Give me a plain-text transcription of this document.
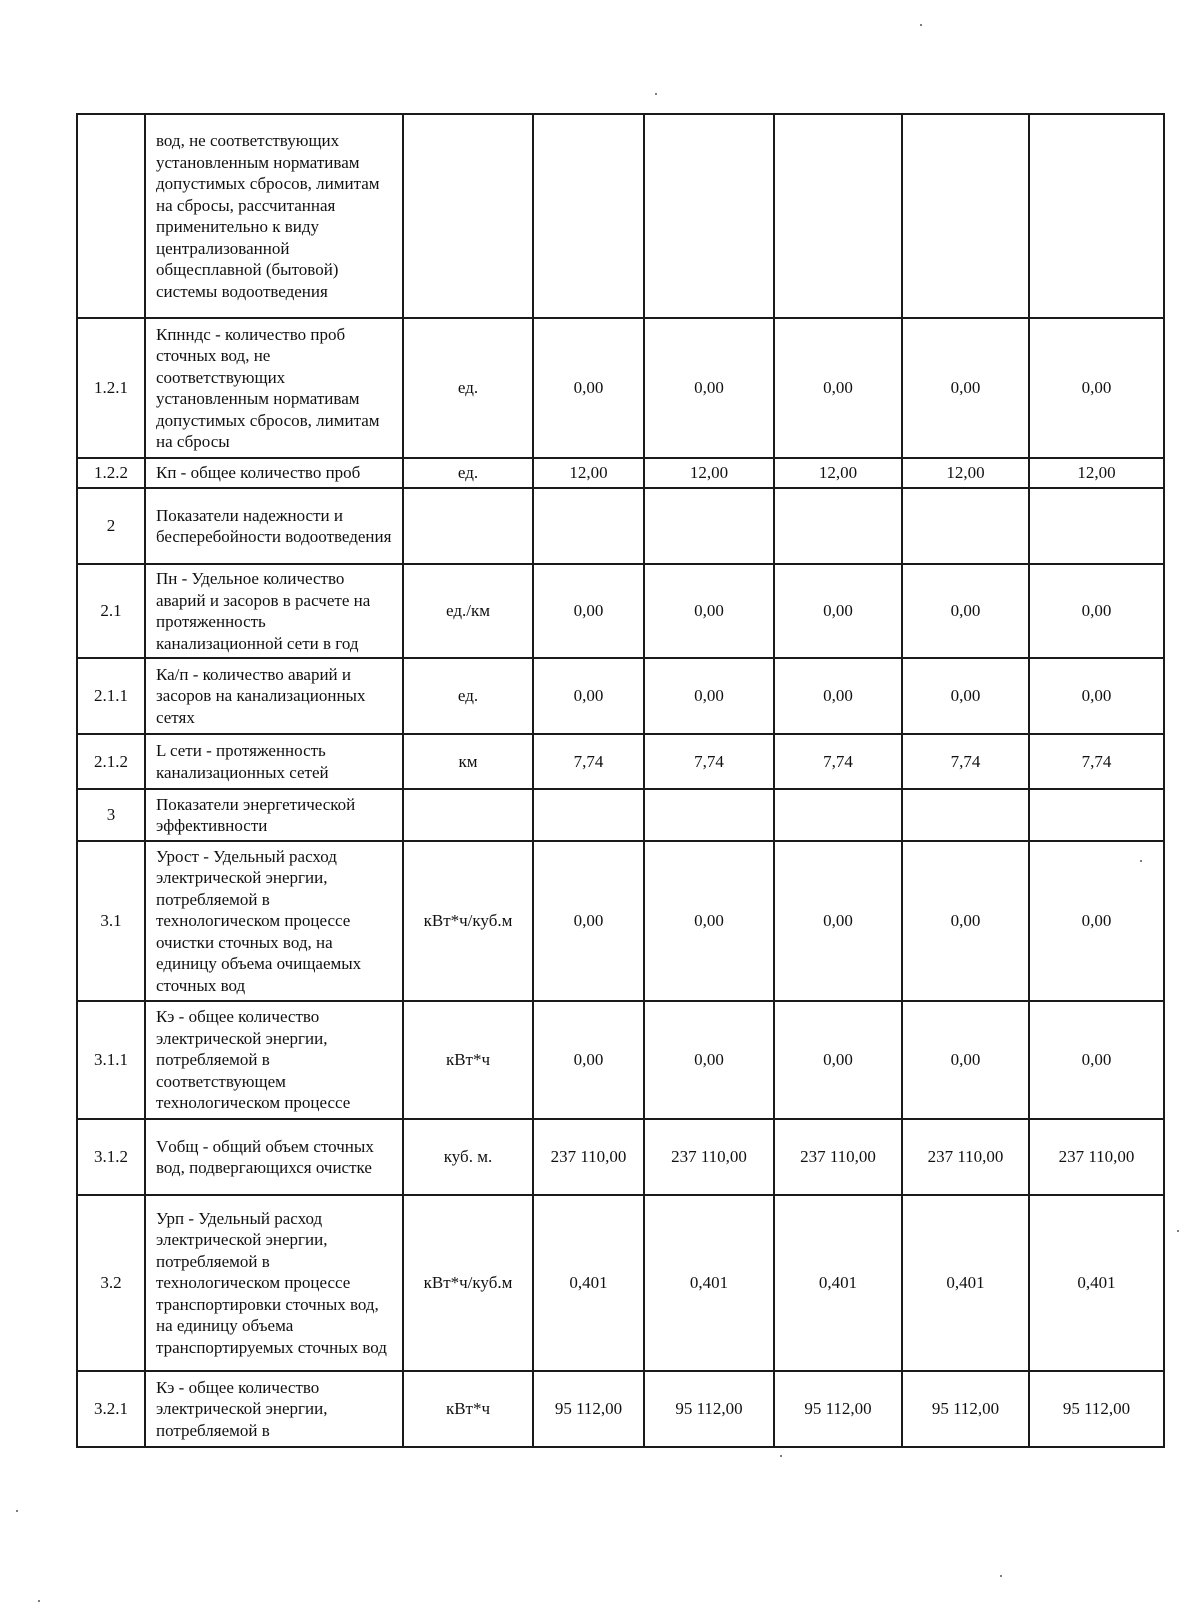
	вод, не соответствующих установленным нормативам допустимых сбросов, лимитам на сбросы, рассчитанная применительно к виду централизованной общесплавной (бытовой) системы водоотведения						
1.2.1	Кпнндс - количество проб сточных вод, не соответствующих установленным нормативам допустимых сбросов, лимитам на сбросы	ед.	0,00	0,00	0,00	0,00	0,00
1.2.2	Кп - общее количество проб	ед.	12,00	12,00	12,00	12,00	12,00
2	Показатели надежности и бесперебойности водоотведения						
2.1	Пн - Удельное количество аварий и засоров в расчете на протяженность канализационной сети в год	ед./км	0,00	0,00	0,00	0,00	0,00
2.1.1	Ка/п - количество аварий и засоров на канализационных сетях	ед.	0,00	0,00	0,00	0,00	0,00
2.1.2	L сети - протяженность канализационных сетей	км	7,74	7,74	7,74	7,74	7,74
3	Показатели энергетической эффективности						
3.1	Урост - Удельный расход электрической энергии, потребляемой в технологическом процессе очистки сточных вод, на единицу объема очищаемых сточных вод	кВт*ч/куб.м	0,00	0,00	0,00	0,00	0,00
3.1.1	Кэ - общее количество электрической энергии, потребляемой в соответствующем технологическом процессе	кВт*ч	0,00	0,00	0,00	0,00	0,00
3.1.2	Vобщ - общий объем сточных вод, подвергающихся очистке	куб. м.	237 110,00	237 110,00	237 110,00	237 110,00	237 110,00
3.2	Урп - Удельный расход электрической энергии, потребляемой в технологическом процессе транспортировки сточных вод, на единицу объема транспортируемых сточных вод	кВт*ч/куб.м	0,401	0,401	0,401	0,401	0,401
3.2.1	Кэ - общее количество электрической энергии, потребляемой в	кВт*ч	95 112,00	95 112,00	95 112,00	95 112,00	95 112,00
